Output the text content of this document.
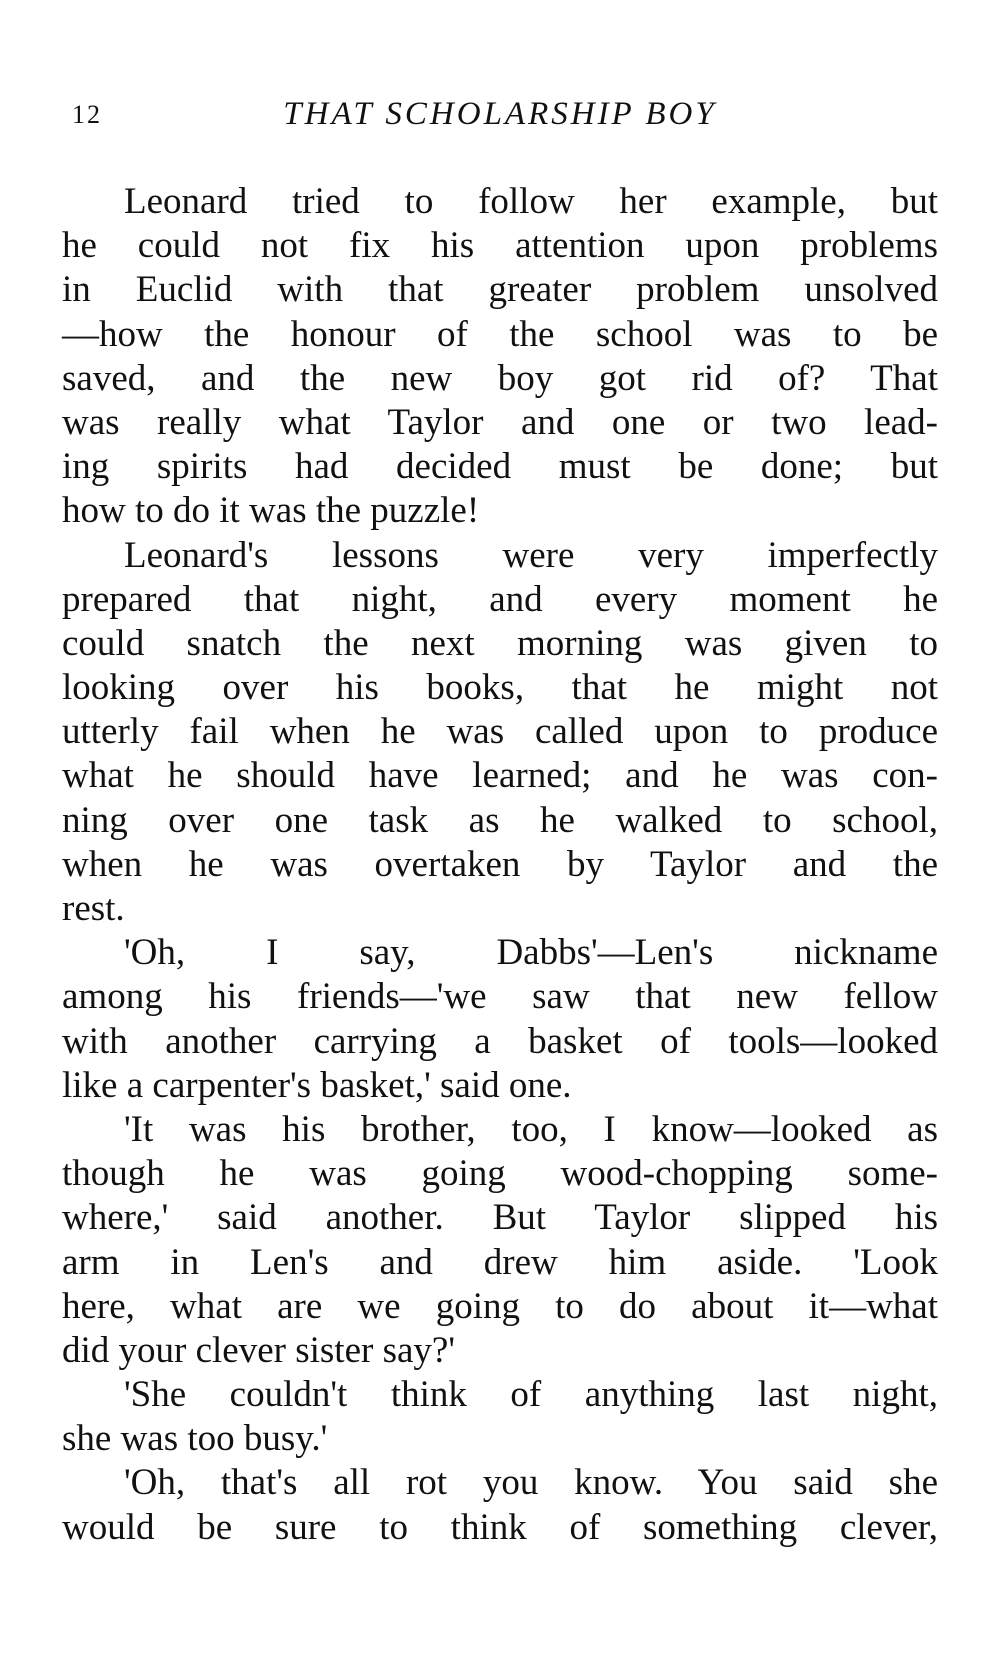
12	THAT SCHOLARSHIP BOY
Leonard tried to follow her example, but
he could not fix his attention upon problems
in Euclid with that greater problem unsolved
—how the honour of the school was to be
saved, and the new boy got rid of? That
was really what Taylor and one or two lead-
ing spirits had decided must be done; but
how to do it was the puzzle!
Leonard's lessons were very imperfectly
prepared that night, and every moment he
could snatch the next morning was given to
looking over his books, that he might not
utterly fail when he was called upon to produce
what he should have learned; and he was con-
ning over one task as he walked to school,
when he was overtaken by Taylor and the
rest.
'Oh, I say, Dabbs'—Len's nickname
among his friends—'we saw that new fellow
with another carrying a basket of tools—looked
like a carpenter's basket,' said one.
'It was his brother, too, I know—looked as
though he was going wood-chopping some-
where,' said another. But Taylor slipped his
arm in Len's and drew him aside. 'Look
here, what are we going to do about it—what
did your clever sister say?'
'She couldn't think of anything last night,
she was too busy.'
'Oh, that's all rot you know. You said she
would be sure to think of something clever,
